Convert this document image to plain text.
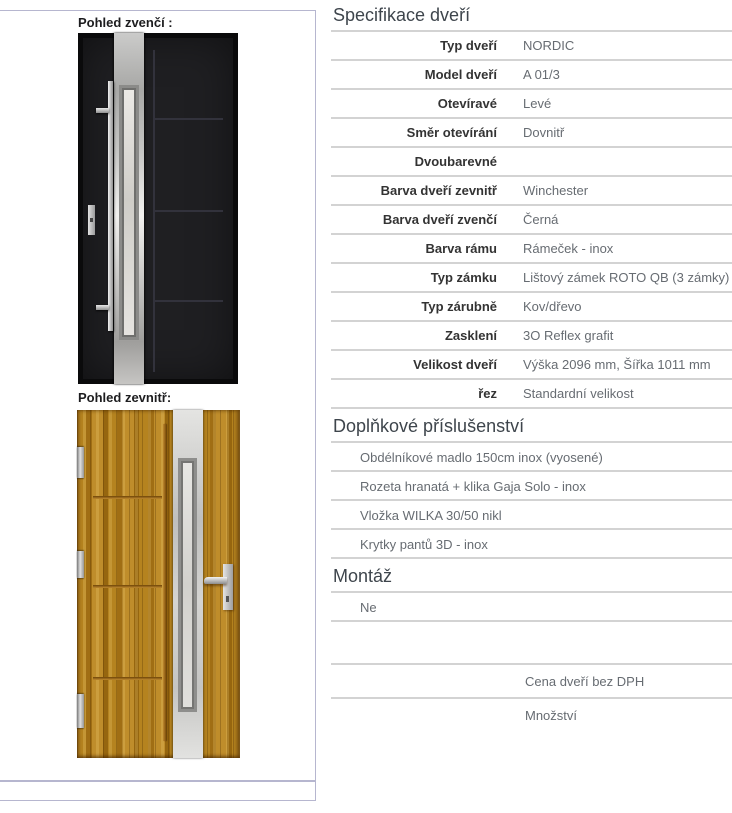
Pohled zvenčí :
Pohled zevnitř:
Specifikace dveří
Typ dveří NORDIC
Model dveří A 01/3
Otevíravé Levé
Směr otevírání Dovnitř
Dvoubarevné
Barva dveří zevnitř Winchester
Barva dveří zvenčí Černá
Barva rámu Rámeček - inox
Typ zámku Lištový zámek ROTO QB (3 zámky)
Typ zárubně Kov/dřevo
Zasklení 3O Reflex grafit
Velikost dveří Výška 2096 mm, Šířka 1011 mm
řez Standardní velikost
Doplňkové příslušenství
Obdélníkové madlo 150cm inox (vyosené)
Rozeta hranatá + klika Gaja Solo - inox
Vložka WILKA 30/50 nikl
Krytky pantů 3D - inox
Montáž
Ne
Cena dveří bez DPH
Množství
